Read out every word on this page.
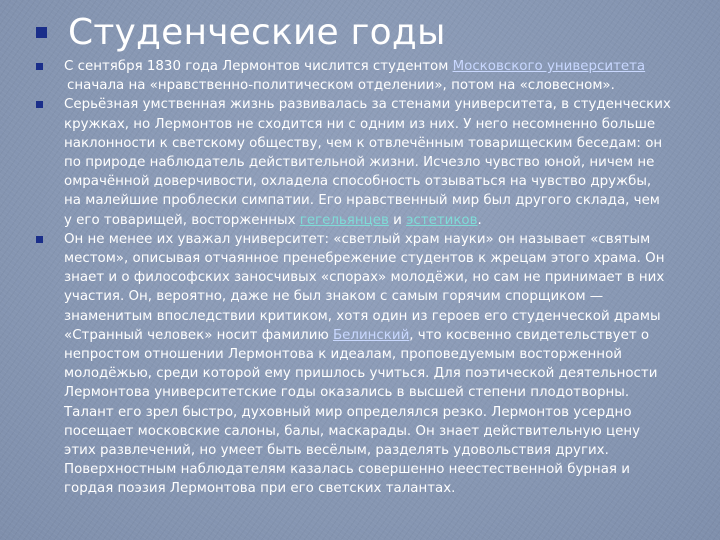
Студенческие годы
С сентября 1830 года Лермонтов числится студентом Московского университета
сначала на «нравственно-политическом отделении», потом на «словесном».
Серьёзная умственная жизнь развивалась за стенами университета, в студенческих
кружках, но Лермонтов не сходится ни с одним из них. У него несомненно больше
наклонности к светскому обществу, чем к отвлечённым товарищеским беседам: он
по природе наблюдатель действительной жизни. Исчезло чувство юной, ничем не
омрачённой доверчивости, охладела способность отзываться на чувство дружбы,
на малейшие проблески симпатии. Его нравственный мир был другого склада, чем
у его товарищей, восторженных гегельянцев и эстетиков.
Он не менее их уважал университет: «светлый храм науки» он называет «святым
местом», описывая отчаянное пренебрежение студентов к жрецам этого храма. Он
знает и о философских заносчивых «спорах» молодёжи, но сам не принимает в них
участия. Он, вероятно, даже не был знаком с самым горячим спорщиком —
знаменитым впоследствии критиком, хотя один из героев его студенческой драмы
«Странный человек» носит фамилию Белинский, что косвенно свидетельствует о
непростом отношении Лермонтова к идеалам, проповедуемым восторженной
молодёжью, среди которой ему пришлось учиться. Для поэтической деятельности
Лермонтова университетские годы оказались в высшей степени плодотворны.
Талант его зрел быстро, духовный мир определялся резко. Лермонтов усердно
посещает московские салоны, балы, маскарады. Он знает действительную цену
этих развлечений, но умеет быть весёлым, разделять удовольствия других.
Поверхностным наблюдателям казалась совершенно неестественной бурная и
гордая поэзия Лермонтова при его светских талантах.
